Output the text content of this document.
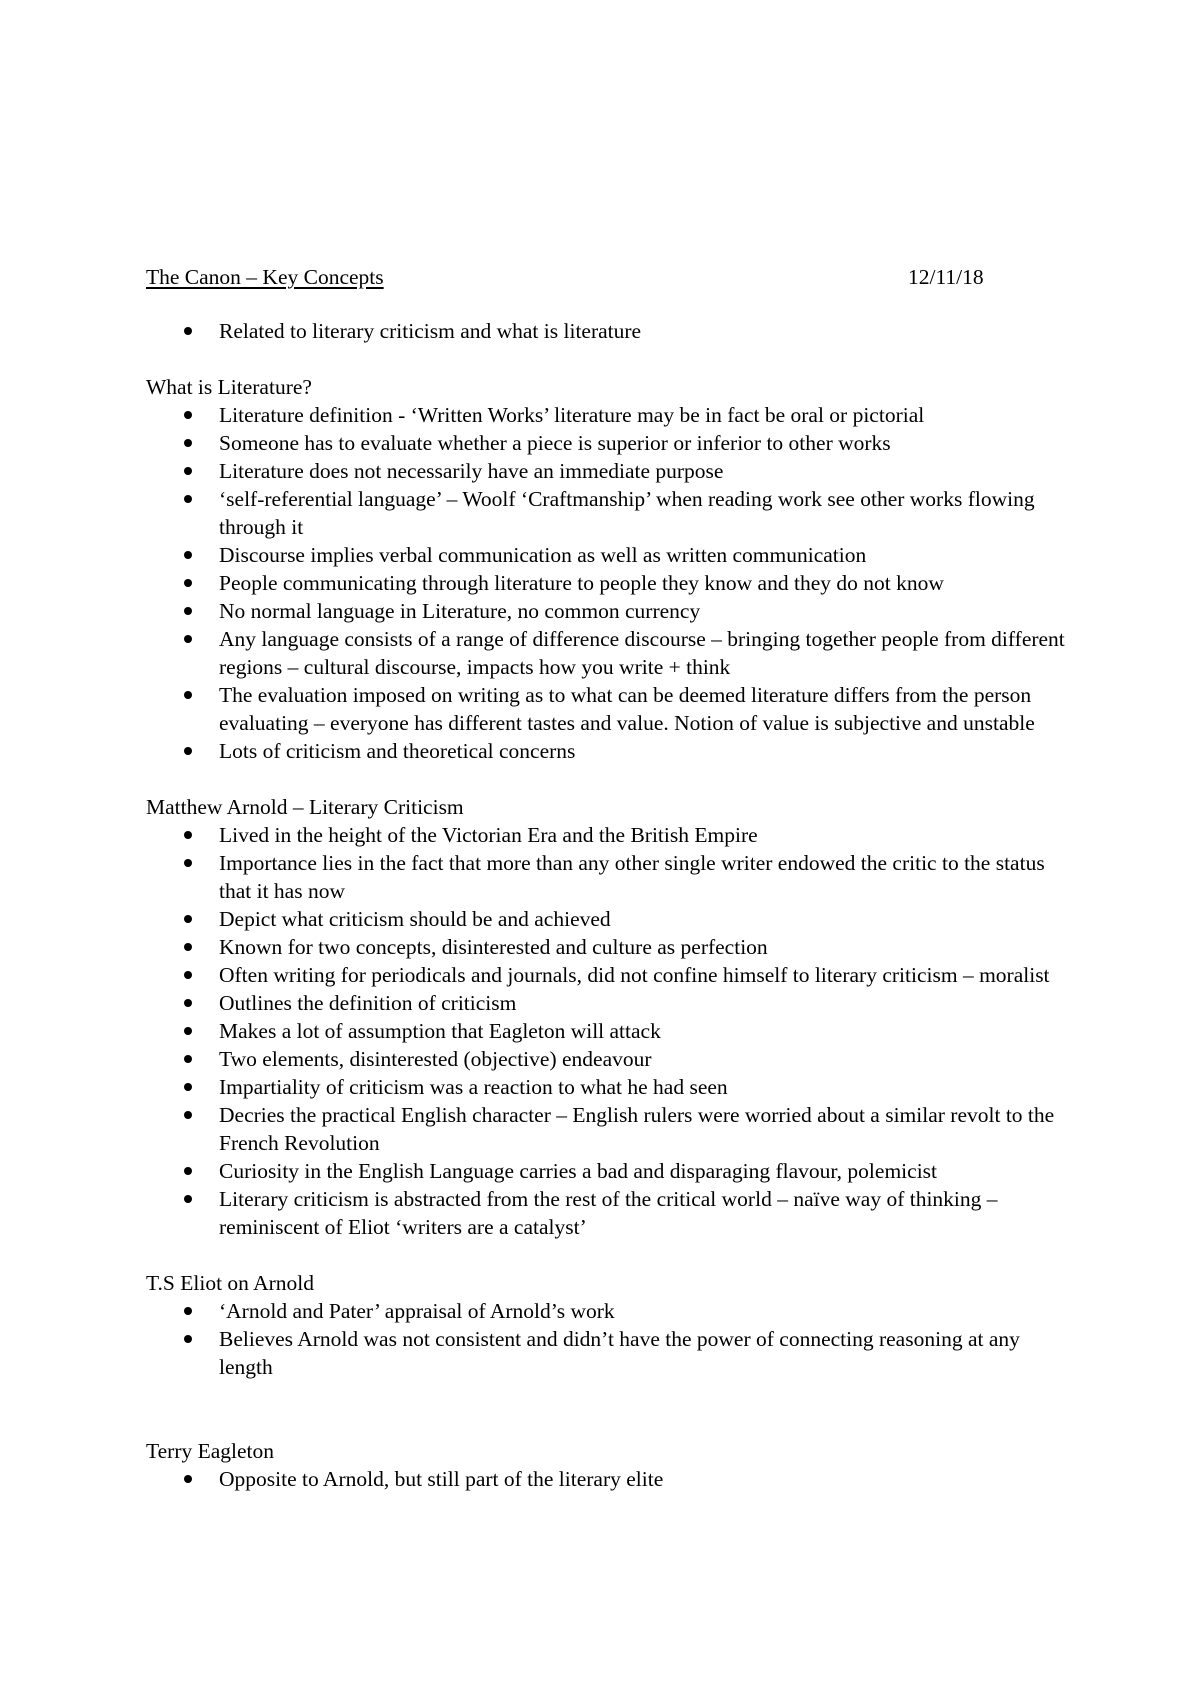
The Canon – Key Concepts	12/11/18
Related to literary criticism and what is literature

What is Literature?

Literature definition - ‘Written Works’ literature may be in fact be oral or pictorial
Someone has to evaluate whether a piece is superior or inferior to other works
Literature does not necessarily have an immediate purpose
‘self-referential language’ – Woolf ‘Craftmanship’ when reading work see other works flowing through it
Discourse implies verbal communication as well as written communication
People communicating through literature to people they know and they do not know
No normal language in Literature, no common currency
Any language consists of a range of difference discourse – bringing together people from different regions – cultural discourse, impacts how you write + think
The evaluation imposed on writing as to what can be deemed literature differs from the person evaluating – everyone has different tastes and value. Notion of value is subjective and unstable
Lots of criticism and theoretical concerns

Matthew Arnold – Literary Criticism

Lived in the height of the Victorian Era and the British Empire
Importance lies in the fact that more than any other single writer endowed the critic to the status that it has now
Depict what criticism should be and achieved
Known for two concepts, disinterested and culture as perfection
Often writing for periodicals and journals, did not confine himself to literary criticism – moralist
Outlines the definition of criticism
Makes a lot of assumption that Eagleton will attack
Two elements, disinterested (objective) endeavour
Impartiality of criticism was a reaction to what he had seen
Decries the practical English character – English rulers were worried about a similar revolt to the French Revolution
Curiosity in the English Language carries a bad and disparaging flavour, polemicist
Literary criticism is abstracted from the rest of the critical world – naïve way of thinking – reminiscent of Eliot ‘writers are a catalyst’

T.S Eliot on Arnold

‘Arnold and Pater’ appraisal of Arnold’s work
Believes Arnold was not consistent and didn’t have the power of connecting reasoning at any length

Terry Eagleton

Opposite to Arnold, but still part of the literary elite
